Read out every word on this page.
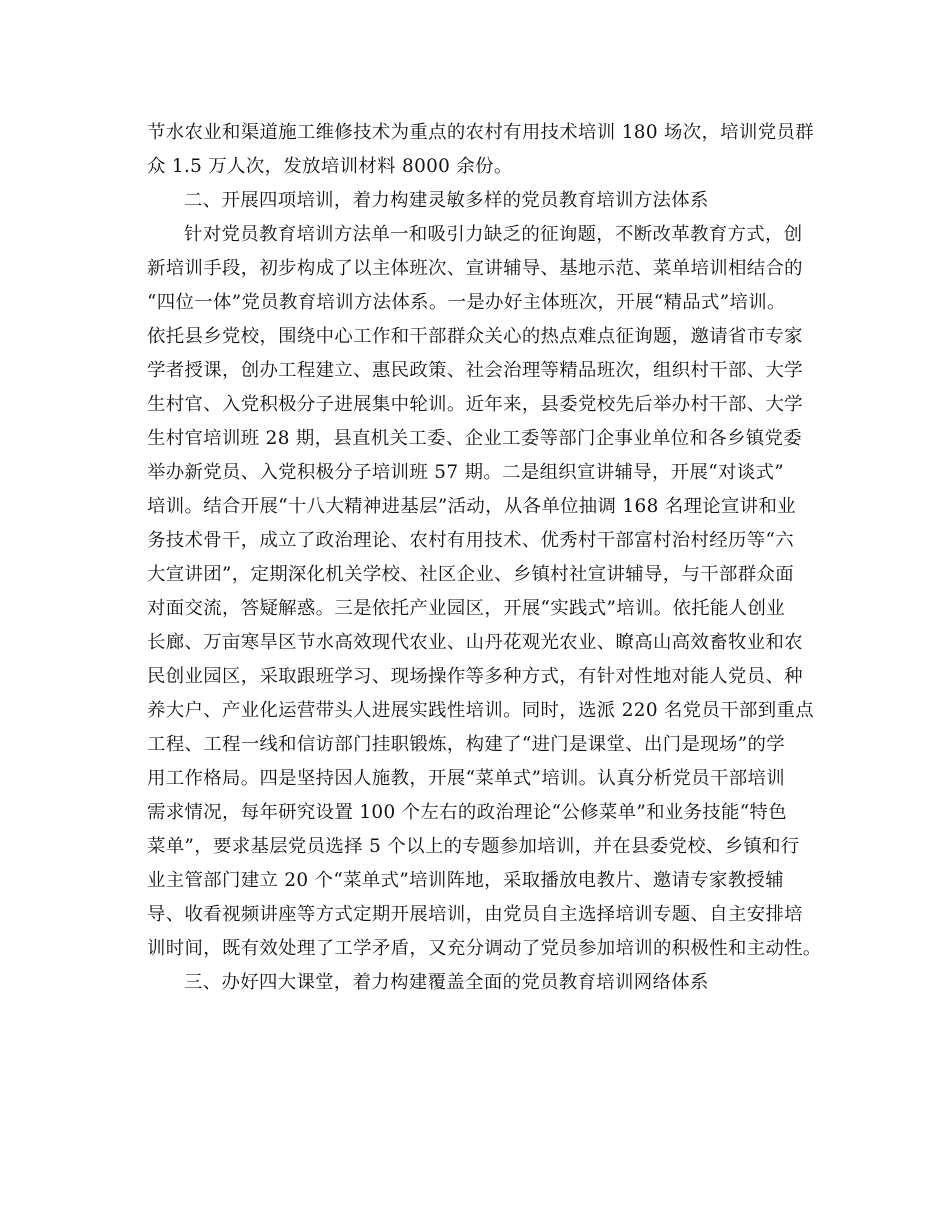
节水农业和渠道施工维修技术为重点的农村有用技术培训 180 场次，培训党员群
众 1.5 万人次，发放培训材料 8000 余份。
二、开展四项培训，着力构建灵敏多样的党员教育培训方法体系
针对党员教育培训方法单一和吸引力缺乏的征询题，不断改革教育方式，创
新培训手段，初步构成了以主体班次、宣讲辅导、基地示范、菜单培训相结合的
“四位一体”党员教育培训方法体系。一是办好主体班次，开展“精品式”培训。
依托县乡党校，围绕中心工作和干部群众关心的热点难点征询题，邀请省市专家
学者授课，创办工程建立、惠民政策、社会治理等精品班次，组织村干部、大学
生村官、入党积极分子进展集中轮训。近年来，县委党校先后举办村干部、大学
生村官培训班 28 期，县直机关工委、企业工委等部门企事业单位和各乡镇党委
举办新党员、入党积极分子培训班 57 期。二是组织宣讲辅导，开展“对谈式”
培训。结合开展“十八大精神进基层”活动，从各单位抽调 168 名理论宣讲和业
务技术骨干，成立了政治理论、农村有用技术、优秀村干部富村治村经历等“六
大宣讲团”，定期深化机关学校、社区企业、乡镇村社宣讲辅导，与干部群众面
对面交流，答疑解惑。三是依托产业园区，开展“实践式”培训。依托能人创业
长廊、万亩寒旱区节水高效现代农业、山丹花观光农业、瞭高山高效畜牧业和农
民创业园区，采取跟班学习、现场操作等多种方式，有针对性地对能人党员、种
养大户、产业化运营带头人进展实践性培训。同时，选派 220 名党员干部到重点
工程、工程一线和信访部门挂职锻炼，构建了“进门是课堂、出门是现场”的学
用工作格局。四是坚持因人施教，开展“菜单式”培训。认真分析党员干部培训
需求情况，每年研究设置 100 个左右的政治理论“公修菜单”和业务技能“特色
菜单”，要求基层党员选择 5 个以上的专题参加培训，并在县委党校、乡镇和行
业主管部门建立 20 个“菜单式”培训阵地，采取播放电教片、邀请专家教授辅
导、收看视频讲座等方式定期开展培训，由党员自主选择培训专题、自主安排培
训时间，既有效处理了工学矛盾，又充分调动了党员参加培训的积极性和主动性。
三、办好四大课堂，着力构建覆盖全面的党员教育培训网络体系
